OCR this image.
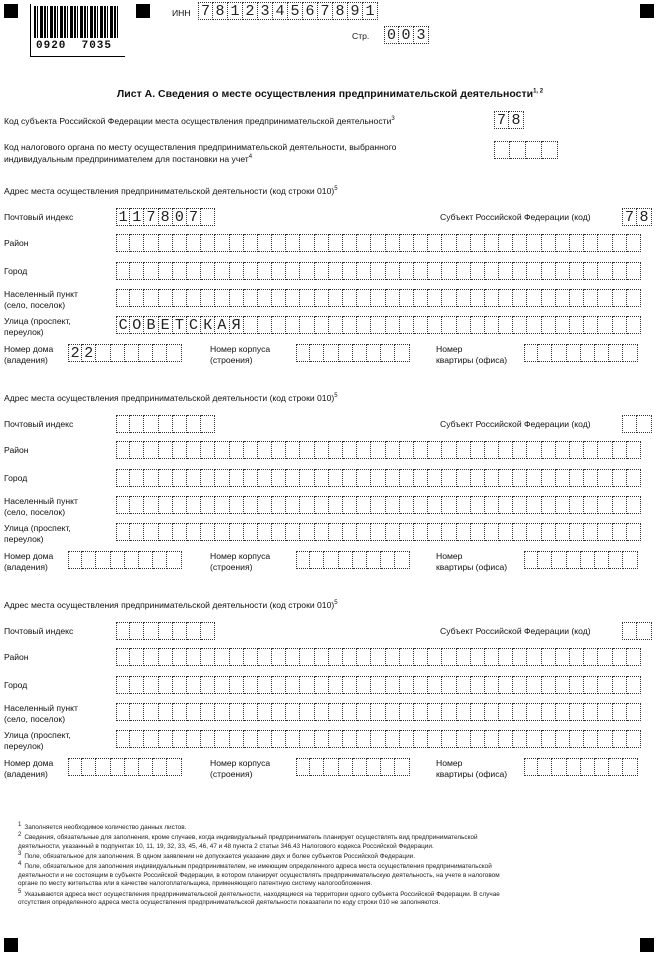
0920 7035
ИНН 7 8 1 2 3 4 5 6 7 8 9 1
Стр. 0 0 3
Лист А. Сведения о месте осуществления предпринимательской деятельности$^{1, 2}$
Код субъекта Российской Федерации места осуществления предпринимательской деятельности$^3$	7 8
Код налогового органа по месту осуществления предпринимательской деятельности, выбранного
индивидуальным предпринимателем для постановки на учет$^4$
Адрес места осуществления предпринимательской деятельности (код строки 010)$^5$
Почтовый индекс	1 1 7 8 0 7	Субъект Российской Федерации (код) 7 8
Район
Город
Населенный пункт
(село, поселок)
Улица (проспект,
переулок)	С О В Е Т С К А Я
Номер дома
(владения) 2 2	Номер корпуса
(строения)
Номер
квартиры (офиса)
Адрес места осуществления предпринимательской деятельности (код строки 010)$^5$
Почтовый индекс	Субъект Российской Федерации (код)
Район
Город
Населенный пункт
(село, поселок)
Улица (проспект,
переулок)
Номер дома
(владения)
Номер корпуса
(строения)
Номер
квартиры (офиса)
Адрес места осуществления предпринимательской деятельности (код строки 010)$^5$
Почтовый индекс	Субъект Российской Федерации (код)
Район
Город
Населенный пункт
(село, поселок)
Улица (проспект,
переулок)
Номер дома
(владения)
Номер корпуса
(строения)
Номер
квартиры (офиса)
$^1$ Заполняется необходимое количество данных листов.
$^2$ Сведения, обязательные для заполнения, кроме случаев, когда индивидуальный предприниматель планирует осуществлять вид предпринимательской
деятельности, указанный в подпунктах 10, 11, 19, 32, 33, 45, 46, 47 и 48 пункта 2 статьи 346.43 Налогового кодекса Российской Федерации.
$^3$ Поле, обязательное для заполнения. В одном заявлении не допускается указание двух и более субъектов Российской Федерации.
$^4$ Поле, обязательное для заполнения индивидуальным предпринимателем, не имеющим определенного адреса места осуществления предпринимательской
деятельности и не состоящим в субъекте Российской Федерации, в котором планирует осуществлять предпринимательскую деятельность, на учете в налоговом
органе по месту жительства или в качестве налогоплательщика, применяющего патентную систему налогообложения.
$^5$ Указываются адреса мест осуществления предпринимательской деятельности, находящиеся на территории одного субъекта Российской Федерации. В случае
отсутствия определенного адреса места осуществления предпринимательской деятельности показатели по коду строки 010 не заполняются.
